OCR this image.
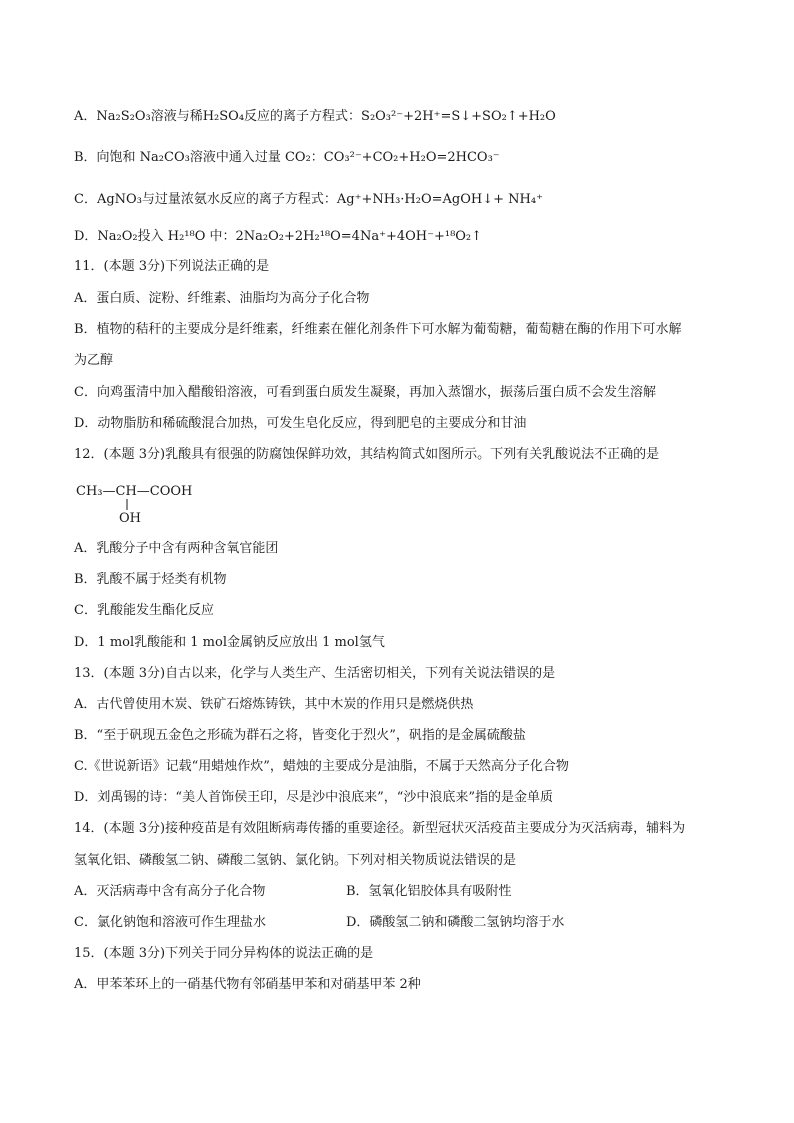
A．Na₂S₂O₃溶液与稀H₂SO₄反应的离子方程式：S₂O₃²⁻+2H⁺=S↓+SO₂↑+H₂O
B．向饱和 Na₂CO₃溶液中通入过量 CO₂：CO₃²⁻+CO₂+H₂O=2HCO₃⁻
C．AgNO₃与过量浓氨水反应的离子方程式：Ag⁺+NH₃·H₂O=AgOH↓+ NH₄⁺
D．Na₂O₂投入 H₂¹⁸O 中：2Na₂O₂+2H₂¹⁸O=4Na⁺+4OH⁻+¹⁸O₂↑
11．(本题 3分)下列说法正确的是
A．蛋白质、淀粉、纤维素、油脂均为高分子化合物
B．植物的秸秆的主要成分是纤维素，纤维素在催化剂条件下可水解为葡萄糖，葡萄糖在酶的作用下可水解
为乙醇
C．向鸡蛋清中加入醋酸铅溶液，可看到蛋白质发生凝聚，再加入蒸馏水，振荡后蛋白质不会发生溶解
D．动物脂肪和稀硫酸混合加热，可发生皂化反应，得到肥皂的主要成分和甘油
12．(本题 3分)乳酸具有很强的防腐蚀保鲜功效，其结构简式如图所示。下列有关乳酸说法不正确的是
CH₃—CH—COOH
OH
A．乳酸分子中含有两种含氧官能团
B．乳酸不属于烃类有机物
C．乳酸能发生酯化反应
D．1 mol乳酸能和 1 mol金属钠反应放出 1 mol氢气
13．(本题 3分)自古以来，化学与人类生产、生活密切相关，下列有关说法错误的是
A．古代曾使用木炭、铁矿石熔炼铸铁，其中木炭的作用只是燃烧供热
B．“至于矾现五金色之形硫为群石之将，皆变化于烈火”，矾指的是金属硫酸盐
C.《世说新语》记载“用蜡烛作炊”，蜡烛的主要成分是油脂，不属于天然高分子化合物
D．刘禹锡的诗：“美人首饰侯王印，尽是沙中浪底来”，“沙中浪底来”指的是金单质
14．(本题 3分)接种疫苗是有效阻断病毒传播的重要途径。新型冠状灭活疫苗主要成分为灭活病毒，辅料为
氢氧化铝、磷酸氢二钠、磷酸二氢钠、氯化钠。下列对相关物质说法错误的是
A．灭活病毒中含有高分子化合物	B．氢氧化铝胶体具有吸附性
C．氯化钠饱和溶液可作生理盐水	D．磷酸氢二钠和磷酸二氢钠均溶于水
15．(本题 3分)下列关于同分异构体的说法正确的是
A．甲苯苯环上的一硝基代物有邻硝基甲苯和对硝基甲苯 2种
